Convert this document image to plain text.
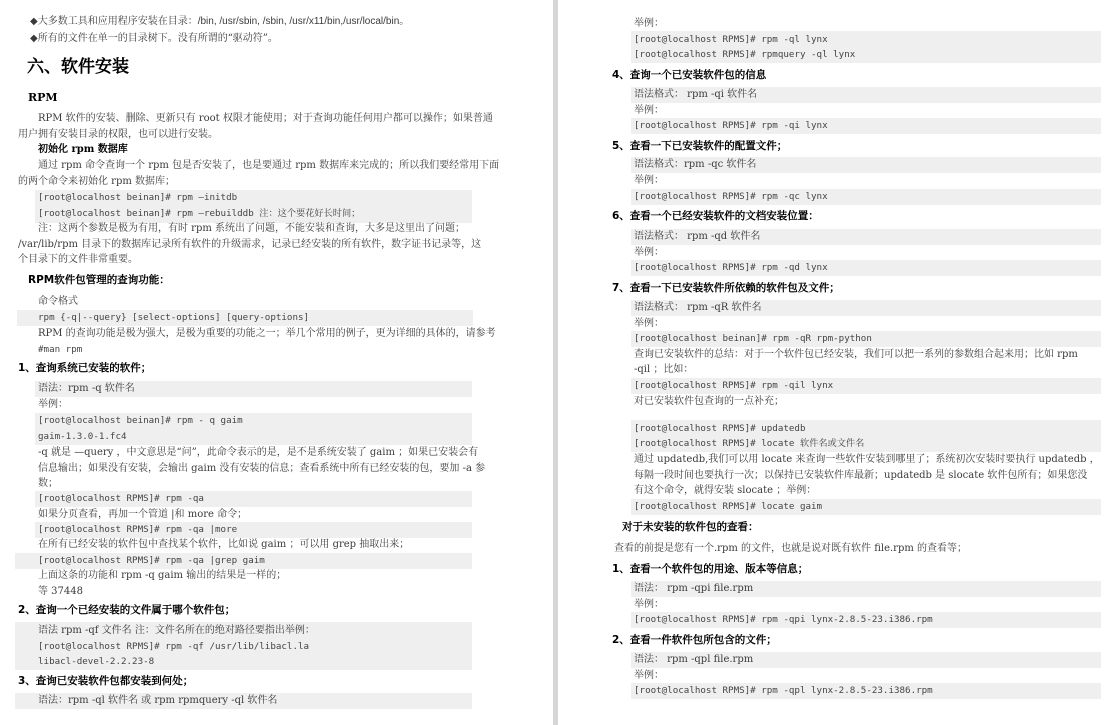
◆大多数工具和应用程序安装在目录：/bin, /usr/sbin, /sbin, /usr/x11/bin,/usr/local/bin。
◆所有的文件在单一的目录树下。没有所谓的“驱动符”。
六、软件安装
RPM
RPM 软件的安装、删除、更新只有 root 权限才能使用；对于查询功能任何用户都可以操作；如果普通
用户拥有安装目录的权限，也可以进行安装。
初始化 rpm 数据库
通过 rpm 命令查询一个 rpm 包是否安装了，也是要通过 rpm 数据库来完成的；所以我们要经常用下面
的两个命令来初始化 rpm 数据库；
[root@localhost beinan]# rpm —initdb
[root@localhost beinan]# rpm —rebuilddb 注：这个要花好长时间；
注：这两个参数是极为有用，有时 rpm 系统出了问题，不能安装和查询，大多是这里出了问题；
/var/lib/rpm 目录下的数据库记录所有软件的升级需求，记录已经安装的所有软件，数字证书记录等，这
个目录下的文件非常重要。
RPM软件包管理的查询功能：
命令格式
rpm {-q|--query} [select-options] [query-options]
RPM 的查询功能是极为强大，是极为重要的功能之一；举几个常用的例子，更为详细的具体的，请参考
#man rpm
1、查询系统已安装的软件；
语法：rpm -q 软件名
举例：
[root@localhost beinan]# rpm - q gaim
gaim-1.3.0-1.fc4
-q 就是 —query ，中文意思是“问”，此命令表示的是，是不是系统安装了 gaim ；如果已安装会有
信息输出；如果没有安装，会输出 gaim 没有安装的信息；查看系统中所有已经安装的包，要加 -a 参
数；
[root@localhost RPMS]# rpm -qa
如果分页查看，再加一个管道 |和 more 命令；
[root@localhost RPMS]# rpm -qa |more
在所有已经安装的软件包中查找某个软件，比如说 gaim ；可以用 grep 抽取出来；
[root@localhost RPMS]# rpm -qa |grep gaim
上面这条的功能和 rpm -q gaim 输出的结果是一样的；
等 37448
2、查询一个已经安装的文件属于哪个软件包；
语法 rpm -qf 文件名 注：文件名所在的绝对路径要指出举例：
[root@localhost RPMS]# rpm -qf /usr/lib/libacl.la
libacl-devel-2.2.23-8
3、查询已安装软件包都安装到何处；
语法：rpm -ql 软件名 或 rpm rpmquery -ql 软件名
举例：
[root@localhost RPMS]# rpm -ql lynx
[root@localhost RPMS]# rpmquery -ql lynx
4、查询一个已安装软件包的信息
语法格式： rpm -qi 软件名
举例：
[root@localhost RPMS]# rpm -qi lynx
5、查看一下已安装软件的配置文件；
语法格式：rpm -qc 软件名
举例：
[root@localhost RPMS]# rpm -qc lynx
6、查看一个已经安装软件的文档安装位置：
语法格式： rpm -qd 软件名
举例：
[root@localhost RPMS]# rpm -qd lynx
7、查看一下已安装软件所依赖的软件包及文件；
语法格式： rpm -qR 软件名
举例：
[root@localhost beinan]# rpm -qR rpm-python
查询已安装软件的总结：对于一个软件包已经安装，我们可以把一系列的参数组合起来用；比如 rpm
-qil ；比如：
[root@localhost RPMS]# rpm -qil lynx
对已安装软件包查询的一点补充；
[root@localhost RPMS]# updatedb
[root@localhost RPMS]# locate 软件名或文件名
通过 updatedb,我们可以用 locate 来查询一些软件安装到哪里了；系统初次安装时要执行 updatedb ，
每隔一段时间也要执行一次；以保持已安装软件库最新；updatedb 是 slocate 软件包所有；如果您没
有这个命令，就得安装 slocate ；举例：
[root@localhost RPMS]# locate gaim
对于未安装的软件包的查看：
查看的前提是您有一个.rpm 的文件，也就是说对既有软件 file.rpm 的查看等；
1、查看一个软件包的用途、版本等信息；
语法： rpm -qpi file.rpm
举例：
[root@localhost RPMS]# rpm -qpi lynx-2.8.5-23.i386.rpm
2、查看一件软件包所包含的文件；
语法： rpm -qpl file.rpm
举例：
[root@localhost RPMS]# rpm -qpl lynx-2.8.5-23.i386.rpm
